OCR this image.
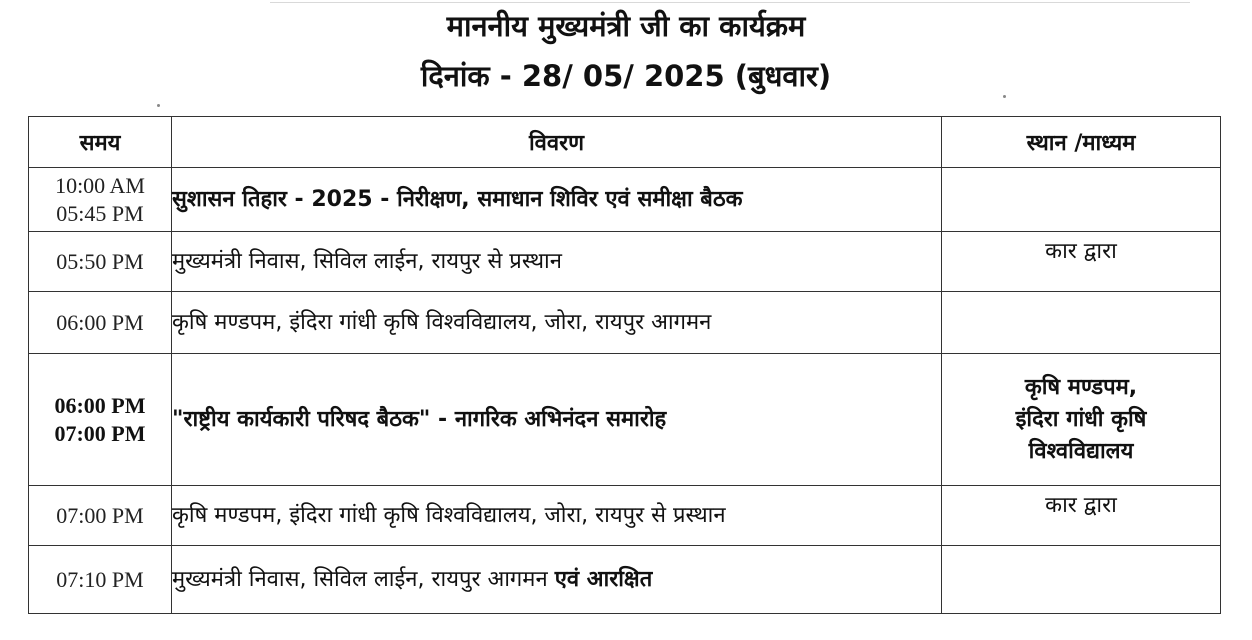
माननीय मुख्यमंत्री जी का कार्यक्रम
दिनांक - 28/ 05/ 2025 (बुधवार)
समय	विवरण	स्थान /माध्यम

10:00 AM
05:45 PM	सुशासन तिहार - 2025 - निरीक्षण, समाधान शिविर एवं समीक्षा बैठक	
05:50 PM	मुख्यमंत्री निवास, सिविल लाईन, रायपुर से प्रस्थान	कार द्वारा
06:00 PM	कृषि मण्डपम, इंदिरा गांधी कृषि विश्वविद्यालय, जोरा, रायपुर आगमन	

06:00 PM
07:00 PM	"राष्ट्रीय कार्यकारी परिषद बैठक" - नागरिक अभिनंदन समारोह	कृषि मण्डपम,
इंदिरा गांधी कृषि
विश्वविद्यालय

07:00 PM	कृषि मण्डपम, इंदिरा गांधी कृषि विश्वविद्यालय, जोरा, रायपुर से प्रस्थान	कार द्वारा
07:10 PM	मुख्यमंत्री निवास, सिविल लाईन, रायपुर आगमन एवं आरक्षित	
